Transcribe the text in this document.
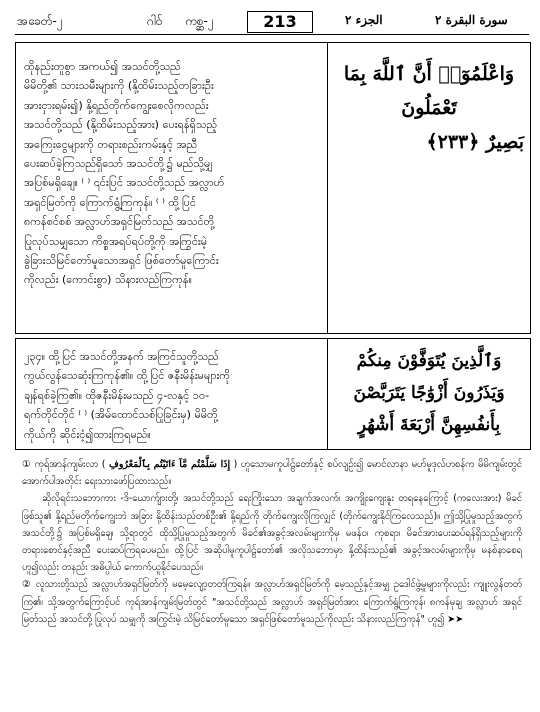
အခေတ်-၂	ဂါဝ် ကစ္ဆ-၂	213	الجزء ٢	سورة البقرة ٢
ထိုနည်းတူစွာ အကယ်၍ အသင်တို့သည်
မိမိတို့၏ သားသမီးများကို (နို့ထိမ်းသည့်တခြားဦး
အားငှားရမ်း၍) နို့ရည်တိုက်ကျွေးစေလိုကလည်း
အသင်တို့သည် (နို့ထိမ်းသည့်အား) ပေးရန်ရှိသည့်
အကြေးငွေများကို တရားစည်းကမ်းနှင့် အညီ
ပေးဆပ်ခဲ့ကြသည်ရှိသော် အသင်တို့၌ မည်သို့မျှ
အပြစ်မရှိချေ။ ⁽ ⁾ ၎င်းပြင် အသင်တို့သည် အလ္လာဟ်
အရှင်မြတ်ကို ကြောက်ရွံ့ကြကုန်။ ⁽ ⁾ ထို့ပြင်
၈ကန်စင်စစ် အလ္လာဟ်အရှင်မြတ်သည် အသင်တို့
ပြုလုပ်သမျှသော ကိစ္စအရပ်ရပ်တို့ကို အကြွင်းမဲ့
ခွဲခြားသိမြင်တော်မူသောအရှင် ဖြစ်တော်မူကြောင်း
ကိုလည်း (ကောင်းစွာ) သိနားလည်ကြကုန်။
وَاعْلَمُوٓا۟ أَنَّ ٱللَّهَ بِمَا تَعْمَلُونَ
بَصِيرٌ ﴿٢٣٣﴾
၂၃၄။ ထို့ပြင် အသင်တို့အနက် အကြင်သူတို့သည်
ကွယ်လွန်သေဆုံးကြကုန်၏။ ထို့ပြင် ဇနီးမိန်းမများကို
ချန်ရစ်ခဲ့ကြ၏။ ထိုဇနီးမိန်းမသည် ၄-လနှင့် ၁၀-
ရက်တိုင်တိုင် ⁽ ⁾ (အိမ်ထောင်သစ်ပြုခြင်းမှ) မိမိတို့
ကိုယ်ကို ဆိုင်းငံ့၍ထားကြရမည်။
وَٱلَّذِينَ يُتَوَفَّوْنَ مِنكُمْ
وَيَذَرُونَ أَزْوَٰجًا يَتَرَبَّصْنَ
بِأَنفُسِهِنَّ أَرْبَعَةَ أَشْهُرٍ

① ကုရ်အာန်ကျမ်းလာ ( إِذَا سَلَّمْتُم مَّآ ءَاتَيْتُم بِٱلْمَعْرُوفِ ) ဟူသောမကူပါဠ်တော်နှင့် စပ်လျဉ်း၍ မောင်လာနာ မဟ်မူဒုလ်ဟစန်က မိမိကျမ်းတွင် အောက်ပါအတိုင်း ရေးသားဖော်ပြထားသည်။

ဆိုလိုရင်းသဘောကား -ဒိ-ယောက်ျားတို့၊ အသင်တို့သည် ရေးကြိုးသော အချက်အလက်၊ အကျိုးကျေးနူး တရနေကြောင့် (ကလေးအား) မိခင်ဖြစ်သူ၏ နို့ရည်မတိုက်ကျွေးဘဲ အခြား နို့ထိန်းသည်တစ်ဦး၏ နို့ရည်ကို တိုက်ကျွေးလိုကြလျှင် (တိုက်ကျွေးနိုင်ကြလေသည်)။ ဤသို့ပြုမှုသည့်အတွက် အသင်တို့၌ အပြစ်မရှိချေ၊ သို့ရာတွင် ထိုသို့ပြုမှုသည့်အတွက် မိခင်၏အခွင့်အလမ်းများကိုမှ မဖန်ဝ၊ ကုစရာ၊ မိခင်အားပေးဆပ်ရန်ရှိသည့်များကို တရားစောင်နှင့်အညီ ပေးဆပ်ကြရပေမည်။ ထို့ပြင် အဆိုပါမူကူပါဠ်တော်၏ အလိုသဘောမှာ နို့ထိန်းသည်၏ အခွင့်အလမ်းများကိုမှ မနစ်နာစေရဟူ၍လည်း တနည်း အဓိပ္ပါယ် ကောက်ယူနိုင်ပေသည်။

② လူသားတို့သည် အလ္လာဟ်အရှင်မြတ်ကို မမေ့လျော့တတ်ကြရန်။ အလ္လာဟ်အရှင်မြတ်ကို မေ့သည့်နှင့်အမျှ ဥဒေါင်ဖွဲ့မှုများကိုလည်း ကျူးလွန်တတ်ကြ၏၊ သို့အတွက်ကြောင့်ပင် ကုရ်အာန်ကျမ်းမြတ်တွင် "အသင်တို့သည် အလ္လာဟ် အရှင်မြတ်အား ကြောက်ရွံ့ကြကုန်၊ ၈ကန်မုချ အလ္လာဟ် အရှင်မြတ်သည် အသင်တို့ ပြုလုပ် သမျှကို အကြွင်းမဲ့ သိမြင်တော်မူသော အရှင်ဖြစ်တော်မူသည်ကိုလည်း သိနားလည်ကြကုန်" ဟူ၍ ➤➤
